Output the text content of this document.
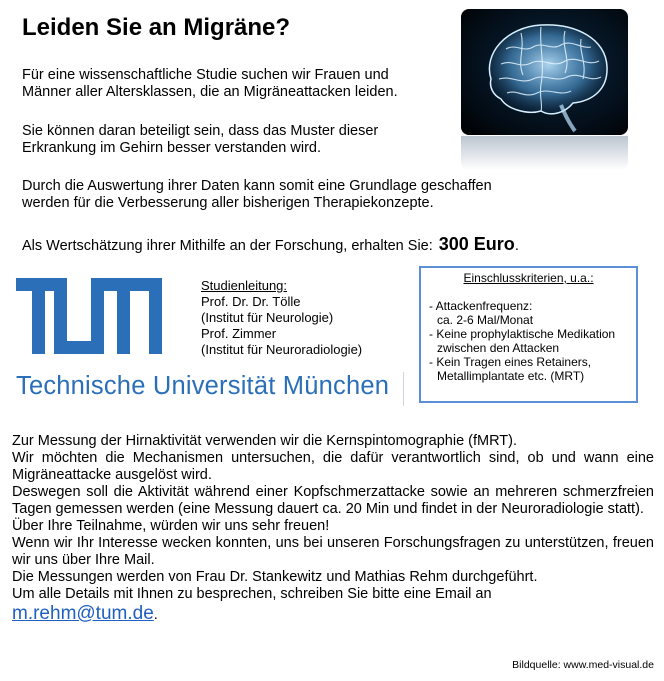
Leiden Sie an Migräne?

Für eine wissenschaftliche Studie suchen wir Frauen und

Männer aller Altersklassen, die an Migräneattacken leiden.

Sie können daran beteiligt sein, dass das Muster dieser

Erkrankung im Gehirn besser verstanden wird.

Durch die Auswertung ihrer Daten kann somit eine Grundlage geschaffen

werden für die Verbesserung aller bisherigen Therapiekonzepte.

Als Wertschätzung ihrer Mithilfe an der Forschung, erhalten Sie: 300 Euro.
Technische Universität München
Studienleitung:
Prof. Dr. Dr. Tölle
(Institut für Neurologie)
Prof. Zimmer
(Institut für Neuroradiologie)
Einschlusskriterien, u.a.:
- Attackenfrequenz:
ca. 2-6 Mal/Monat
- Keine prophylaktische Medikation
zwischen den Attacken
- Kein Tragen eines Retainers,
Metallimplantate etc. (MRT)

Zur Messung der Hirnaktivität verwenden wir die Kernspintomographie (fMRT).

Wir möchten die Mechanismen untersuchen, die dafür verantwortlich sind, ob und wann eine Migräneattacke ausgelöst wird.

Deswegen soll die Aktivität während einer Kopfschmerzattacke sowie an mehreren schmerzfreien Tagen gemessen werden (eine Messung dauert ca. 20 Min und findet in der Neuroradiologie statt).

Über Ihre Teilnahme, würden wir uns sehr freuen!

Wenn wir Ihr Interesse wecken konnten, uns bei unseren Forschungsfragen zu unterstützen, freuen wir uns über Ihre Mail.

Die Messungen werden von Frau Dr. Stankewitz und Mathias Rehm durchgeführt.

Um alle Details mit Ihnen zu besprechen, schreiben Sie bitte eine Email an

m.rehm@tum.de.

Bildquelle: www.med-visual.de
